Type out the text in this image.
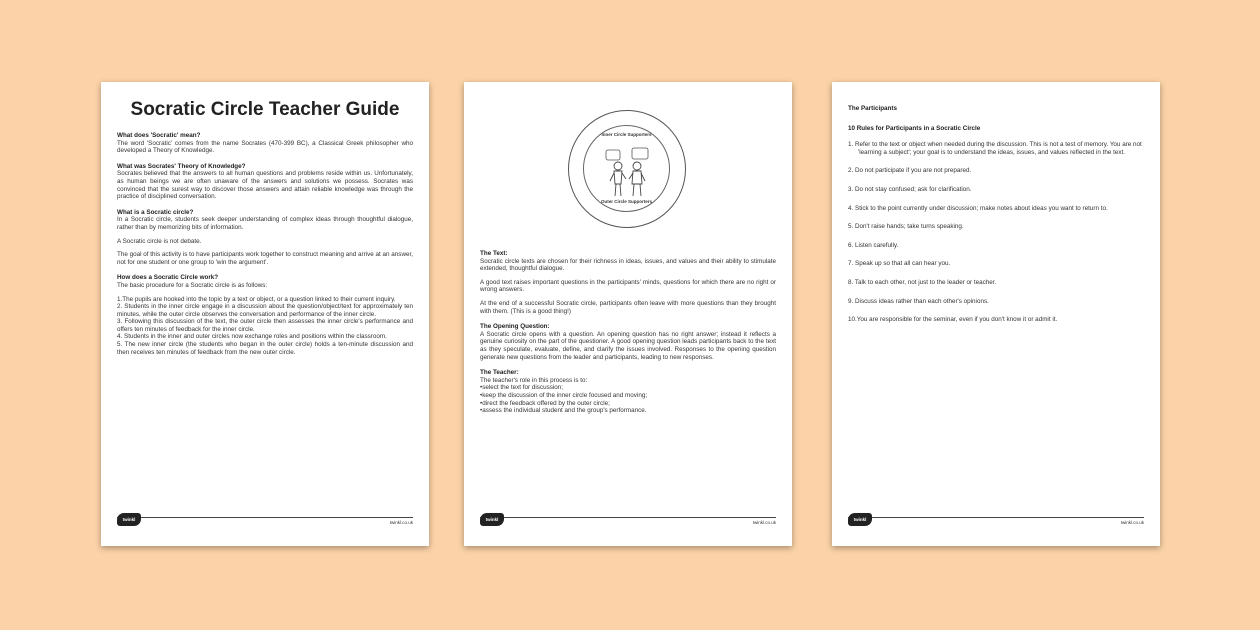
Socratic Circle Teacher Guide
What does 'Socratic' mean?
The word 'Socratic' comes from the name Socrates (470-399 BC), a Classical Greek philosopher who developed a Theory of Knowledge.
What was Socrates' Theory of Knowledge?
Socrates believed that the answers to all human questions and problems reside within us. Unfortunately, as human beings we are often unaware of the answers and solutions we possess. Socrates was convinced that the surest way to discover those answers and attain reliable knowledge was through the practice of disciplined conversation.
What is a Socratic circle?
In a Socratic circle, students seek deeper understanding of complex ideas through thoughtful dialogue, rather than by memorizing bits of information.
A Socratic circle is not debate.
The goal of this activity is to have participants work together to construct meaning and arrive at an answer, not for one student or one group to 'win the argument'.
How does a Socratic Circle work?
The basic procedure for a Socratic circle is as follows:
1.The pupils are hooked into the topic by a text or object, or a question linked to their current inquiry.
2. Students in the inner circle engage in a discussion about the question/object/text for approximately ten minutes, while the outer circle observes the conversation and performance of the inner circle.
3. Following this discussion of the text, the outer circle then assesses the inner circle's performance and offers ten minutes of feedback for the inner circle.
4. Students in the inner and outer circles now exchange roles and positions within the classroom.
5. The new inner circle (the students who began in the outer circle) holds a ten-minute discussion and then receives ten minutes of feedback from the new outer circle.
twinkl
twinkl.co.uk
Inner Circle Supporters
Outer Circle Supporters
The Text:
Socratic circle texts are chosen for their richness in ideas, issues, and values and their ability to stimulate extended, thoughtful dialogue.
A good text raises important questions in the participants' minds, questions for which there are no right or wrong answers.
At the end of a successful Socratic circle, participants often leave with more questions than they brought with them. (This is a good thing!)
The Opening Question:
A Socratic circle opens with a question. An opening question has no right answer; instead it reflects a genuine curiosity on the part of the questioner. A good opening question leads participants back to the text as they speculate, evaluate, define, and clarify the issues involved. Responses to the opening question generate new questions from the leader and participants, leading to new responses.
The Teacher:
The teacher's role in this process is to:
•select the text for discussion;
•keep the discussion of the inner circle focused and moving;
•direct the feedback offered by the outer circle;
•assess the individual student and the group's performance.
twinkl
twinkl.co.uk
The Participants
10 Rules for Participants in a Socratic Circle
1. Refer to the text or object when needed during the discussion. This is not a test of memory. You are not 'learning a subject'; your goal is to understand the ideas, issues, and values reflected in the text.
2. Do not participate if you are not prepared.
3. Do not stay confused; ask for clarification.
4. Stick to the point currently under discussion; make notes about ideas you want to return to.
5. Don't raise hands; take turns speaking.
6. Listen carefully.
7. Speak up so that all can hear you.
8. Talk to each other, not just to the leader or teacher.
9. Discuss ideas rather than each other's opinions.
10.You are responsible for the seminar, even if you don't know it or admit it.
twinkl
twinkl.co.uk
